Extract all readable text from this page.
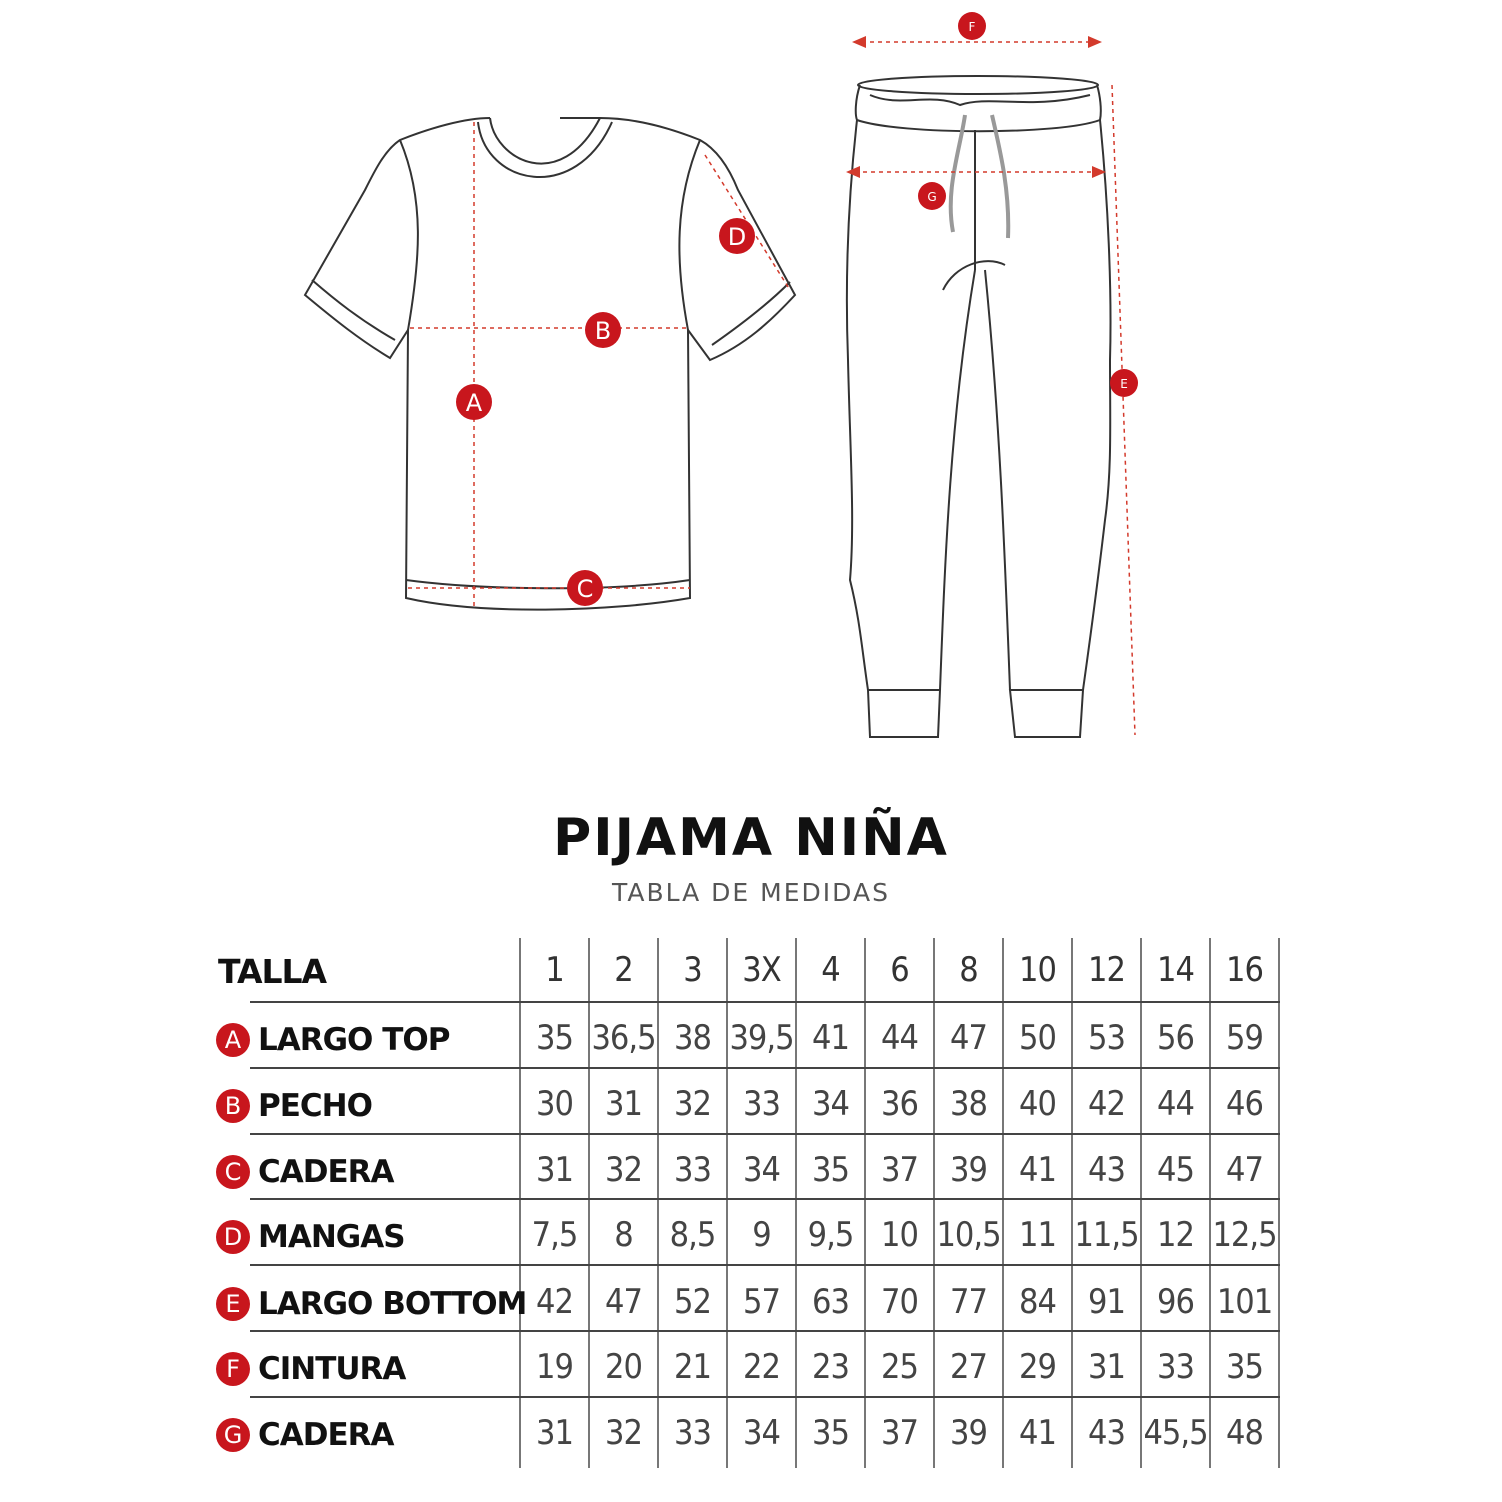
A
B
C
D
F
G
E
PIJAMA NIÑA
TABLA DE MEDIDAS
TALLA	1	2	3	3X	4	6	8	10 12 14 16
A LARGO TOP	35 36,5 38 39,5 41 44 47 50 53 56 59
B PECHO	30 31 32 33 34 36 38 40 42 44 46
C CADERA	31 32 33 34 35 37 39 41 43 45 47
D MANGAS	7,5	8	8,5	9	9,5 10 10,5 11 11,5 12 12,5
E LARGO BOTTOM 42 47 52 57 63 70 77 84 91 96 101
F CINTURA	19 20 21 22 23 25 27 29 31 33 35
G CADERA	31 32 33 34 35 37 39 41 43 45,5 48
